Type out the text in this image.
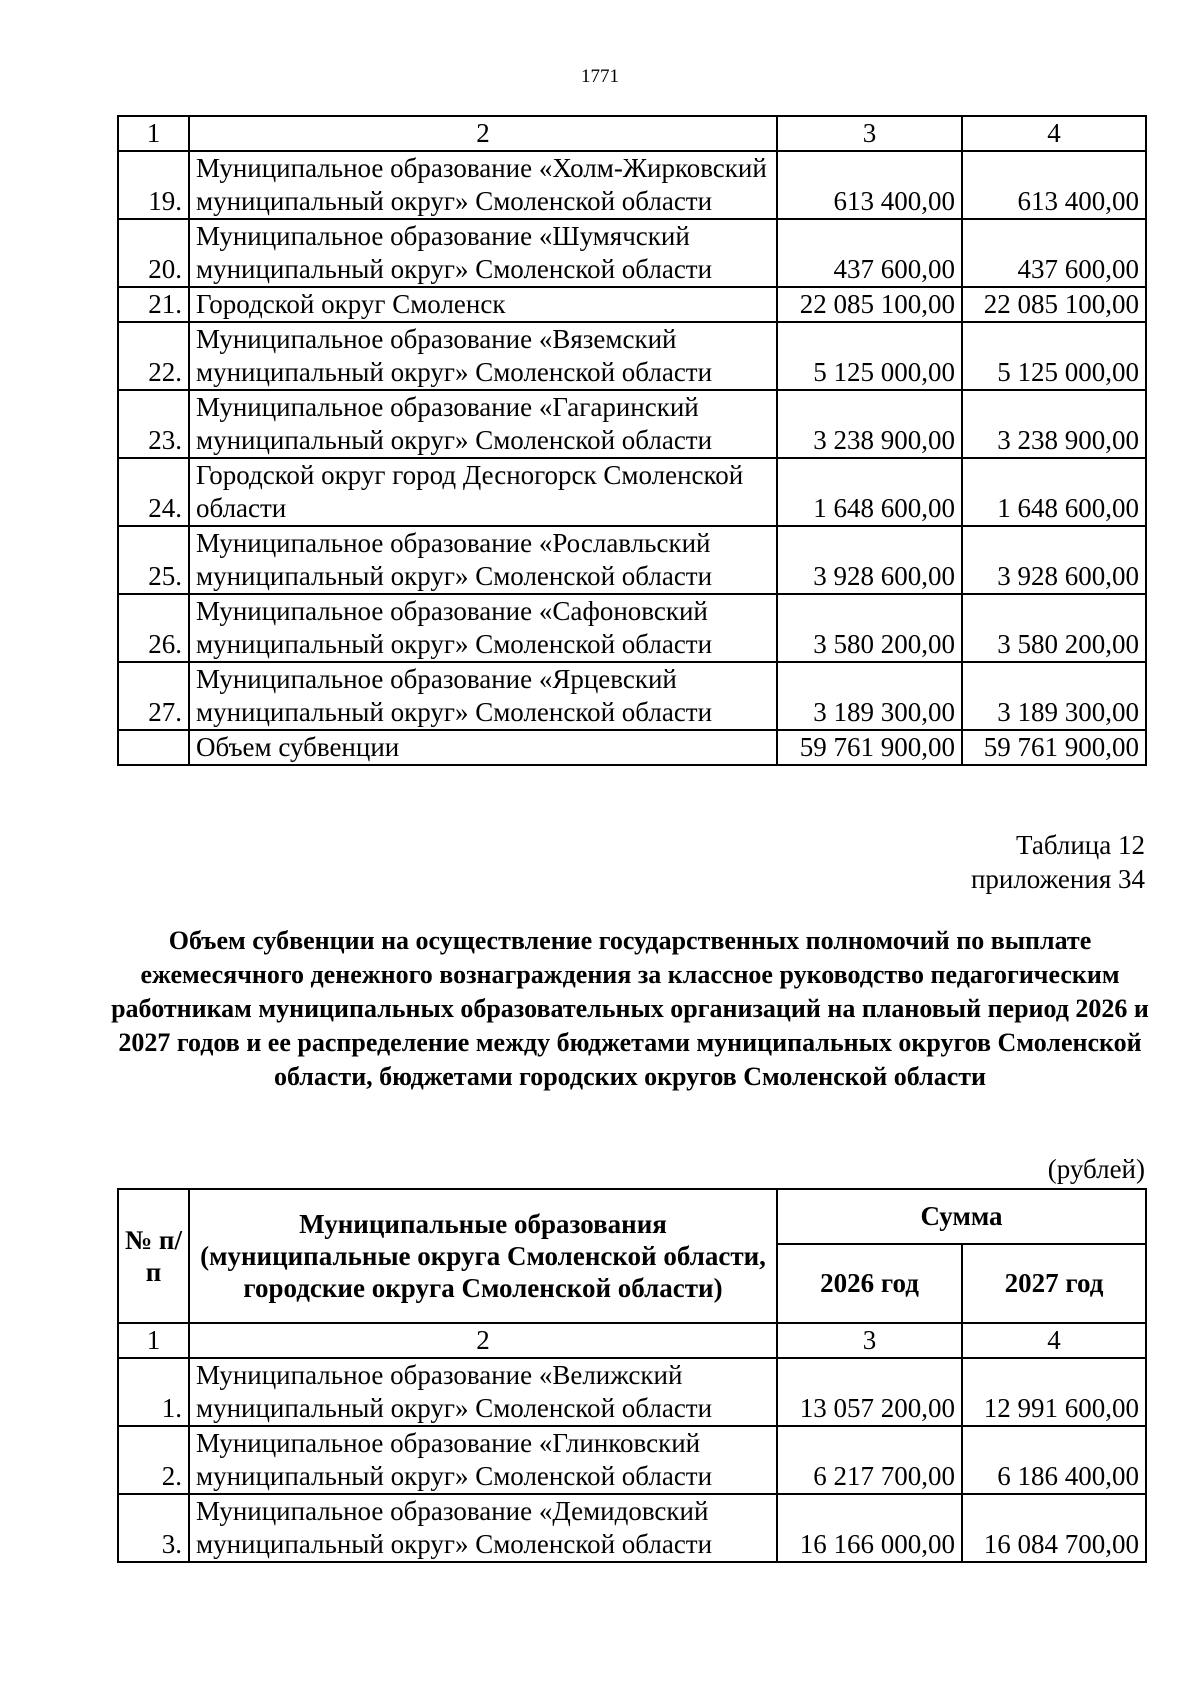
1771
1	2	3	4
19.	Муниципальное образование «Холм-Жирковский муниципальный округ» Смоленской области	613 400,00	613 400,00
20.	Муниципальное образование «Шумячский муниципальный округ» Смоленской области	437 600,00	437 600,00
21.	Городской округ Смоленск	22 085 100,00	22 085 100,00
22.	Муниципальное образование «Вяземский муниципальный округ» Смоленской области	5 125 000,00	5 125 000,00
23.	Муниципальное образование «Гагаринский муниципальный округ» Смоленской области	3 238 900,00	3 238 900,00
24.	Городской округ город Десногорск Смоленской области	1 648 600,00	1 648 600,00
25.	Муниципальное образование «Рославльский муниципальный округ» Смоленской области	3 928 600,00	3 928 600,00
26.	Муниципальное образование «Сафоновский муниципальный округ» Смоленской области	3 580 200,00	3 580 200,00
27.	Муниципальное образование «Ярцевский муниципальный округ» Смоленской области	3 189 300,00	3 189 300,00
	Объем субвенции	59 761 900,00	59 761 900,00
Таблица 12
приложения 34
Объем субвенции на осуществление государственных полномочий по выплате ежемесячного денежного вознаграждения за классное руководство педагогическим работникам муниципальных образовательных организаций на плановый период 2026 и 2027 годов и ее распределение между бюджетами муниципальных округов Смоленской области, бюджетами городских округов Смоленской области
(рублей)
№ п/п	Муниципальные образования (муниципальные округа Смоленской области, городские округа Смоленской области)	Сумма	
		2026 год	2027 год
1	2	3	4
1.	Муниципальное образование «Велижский муниципальный округ» Смоленской области	13 057 200,00	12 991 600,00
2.	Муниципальное образование «Глинковский муниципальный округ» Смоленской области	6 217 700,00	6 186 400,00
3.	Муниципальное образование «Демидовский муниципальный округ» Смоленской области	16 166 000,00	16 084 700,00
